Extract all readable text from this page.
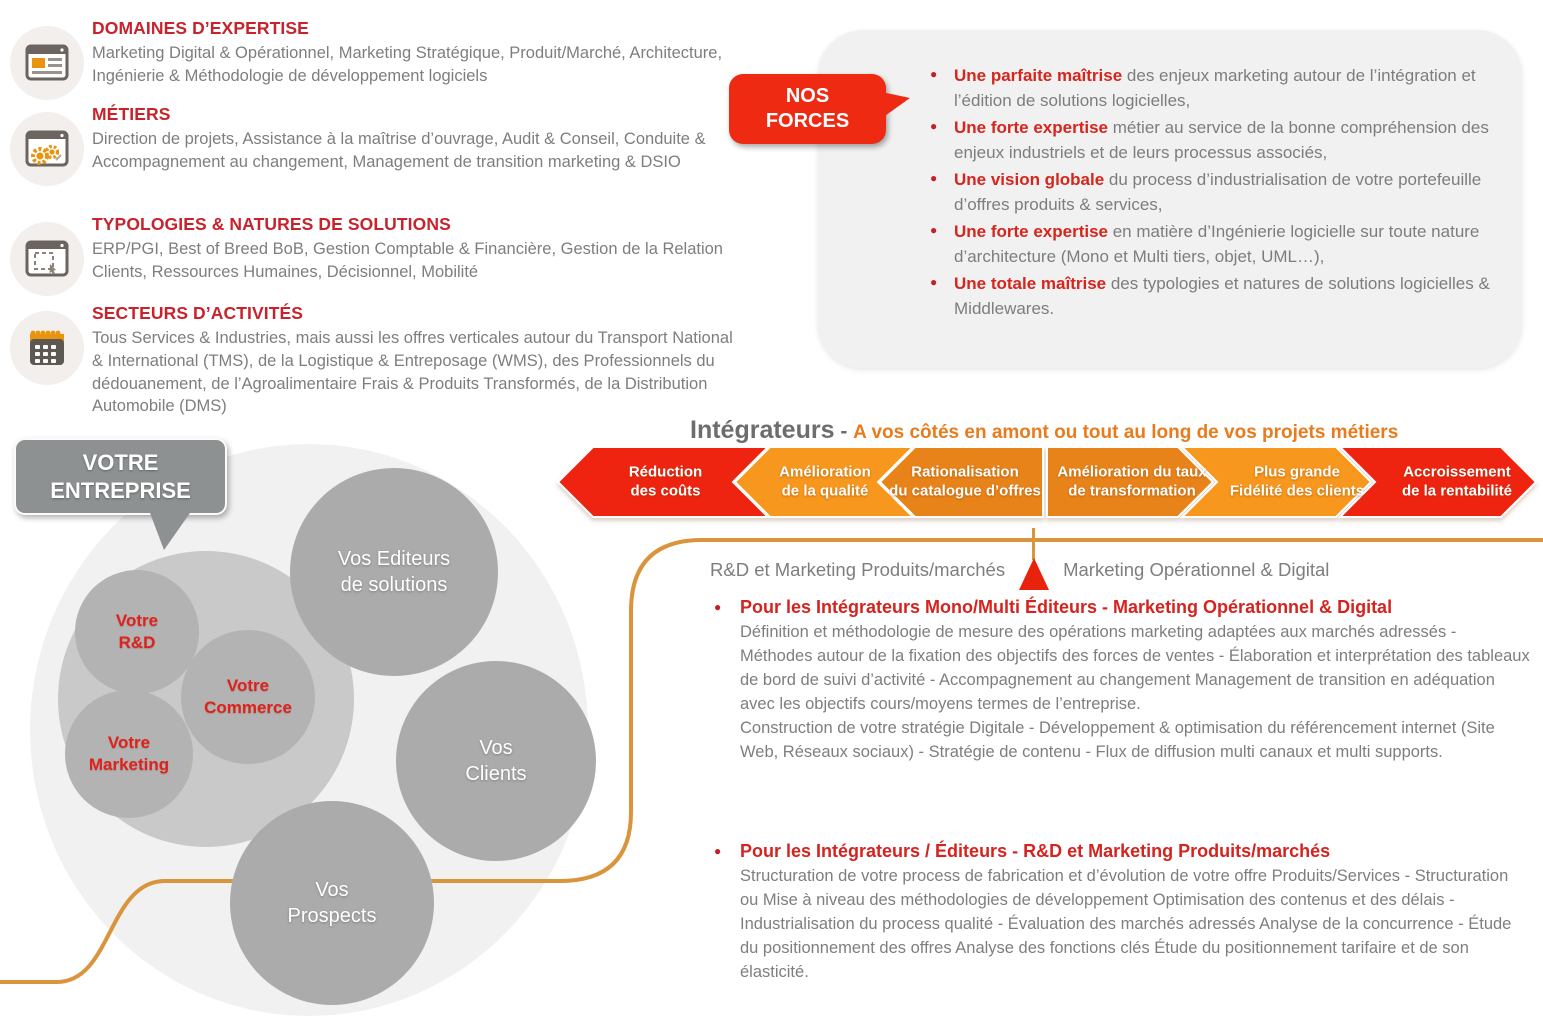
DOMAINES D’EXPERTISE

Marketing Digital & Opérationnel, Marketing Stratégique, Produit/Marché, Architecture, Ingénierie & Méthodologie de développement logiciels

MÉTIERS

Direction de projets, Assistance à la maîtrise d’ouvrage, Audit & Conseil, Conduite & Accompagnement au changement, Management de transition marketing & DSIO

TYPOLOGIES & NATURES DE SOLUTIONS

ERP/PGI, Best of Breed BoB, Gestion Comptable & Financière, Gestion de la Relation Clients, Ressources Humaines, Décisionnel, Mobilité

SECTEURS D’ACTIVITÉS

Tous Services & Industries, mais aussi les offres verticales autour du Transport National & International (TMS), de la Logistique & Entreposage (WMS), des Professionnels du dédouanement, de l’Agroalimentaire Frais & Produits Transformés, de la Distribution Automobile (DMS)

● Une parfaite maîtrise des enjeux marketing autour de l’intégration et l’édition de solutions logicielles,
● Une forte expertise métier au service de la bonne compréhension des enjeux industriels et de leurs processus associés,
● Une vision globale du process d’industrialisation de votre portefeuille d’offres produits & services,
● Une forte expertise en matière d’Ingénierie logicielle sur toute nature d’architecture (Mono et Multi tiers, objet, UML…),
● Une totale maîtrise des typologies et natures de solutions logicielles & Middlewares.
NOS FORCES
Intégrateurs - A vos côtés en amont ou tout au long de vos projets métiers
Réduction
des coûts
Amélioration
de la qualité
Rationalisation
du catalogue d’offres
Amélioration du taux
de transformation
Plus grande
Fidélité des clients
Accroissement
de la rentabilité
Vos Editeurs de solutions
Vos Clients
Vos Prospects
Votre R&D
Votre Commerce
Votre Marketing
VOTRE ENTREPRISE
R&D et Marketing Produits/marchés	Marketing Opérationnel & Digital
● Pour les Intégrateurs Mono/Multi Éditeurs - Marketing Opérationnel & Digital

Définition et méthodologie de mesure des opérations marketing adaptées aux marchés adressés - Méthodes autour de la fixation des objectifs des forces de ventes - Élaboration et interprétation des tableaux de bord de suivi d’activité - Accompagnement au changement Management de transition en adéquation avec les objectifs cours/moyens termes de l’entreprise.

Construction de votre stratégie Digitale - Développement & optimisation du référencement internet (Site Web, Réseaux sociaux) - Stratégie de contenu - Flux de diffusion multi canaux et multi supports.

● Pour les Intégrateurs / Éditeurs - R&D et Marketing Produits/marchés

Structuration de votre process de fabrication et d’évolution de votre offre Produits/Services - Structuration ou Mise à niveau des méthodologies de développement Optimisation des contenus et des délais - Industrialisation du process qualité - Évaluation des marchés adressés Analyse de la concurrence - Étude du positionnement des offres Analyse des fonctions clés Étude du positionnement tarifaire et de son élasticité.
